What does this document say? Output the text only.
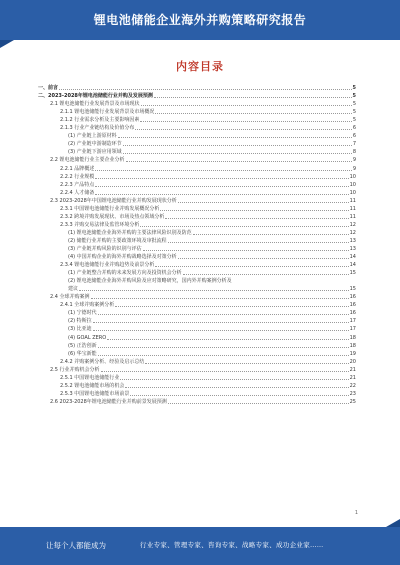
锂电池储能企业海外并购策略研究报告
内容目录
一、前言	5
二、2023-2028年锂电池储能行业并购及发展预测	5
2.1 锂电池储能行业发展背景及市场现状	5
2.1.1 锂电池储能行业发展背景及市场概况	5
2.1.2 行业需求分析及主要影响因素	5
2.1.3 行业产业链结构及价值分布	6
(1) 产业链上游原材料	6
(2) 产业链中游制造环节	7
(3) 产业链下游应用领域	8
2.2 锂电池储能行业主要企业分析	9
2.2.1 品牌概述	9
2.2.2 行业规模	10
2.2.3 产品特点	10
2.2.4 人才储备	10
2.3 2023-2028年中国锂电池储能行业并购发展现状分析	11
2.3.1 中国锂电池储能行业并购发展概况分析	11
2.3.2 跨境并购发展现状、市场及热点领域分析	11
2.3.3 并购交易法律及监管环境分析	12
(1) 锂电池储能企业海外并购的主要法律风险识别及防范	12
(2) 储能行业并购的主要政策环境及审批流程	13
(3) 产业链并购风险的识别与评估	13
(4) 中国并购企业的海外并购战略选择及对策分析	14
2.3.4 锂电池储能行业并购趋势及前景分析	14
(1) 产业链整合并购的未来发展方向及投资机会分析	15
(2) 锂电池储能企业海外并购风险及应对策略研究，国内外并购案例分析及
建议	15
2.4 全球并购案例	16
2.4.1 全球并购案例分析	16
(1) 宁德时代	16
(2) 特斯拉	17
(3) 比亚迪	17
(4) GOAL ZERO	18
(5) 正浩创新	18
(6) 华宝新能	19
2.4.2 并购案例分析、经验及启示总结	20
2.5 行业并购机会分析	21
2.5.1 中国锂电池储能行业	21
2.5.2 锂电池储能市场的机会	22
2.5.3 中国锂电池储能市场前景	23
2.6 2023-2028年锂电池储能行业并购前景发展预测	25
1
让每个人都能成为	行业专家、管理专家、咨询专家、战略专家、成功企业家……
